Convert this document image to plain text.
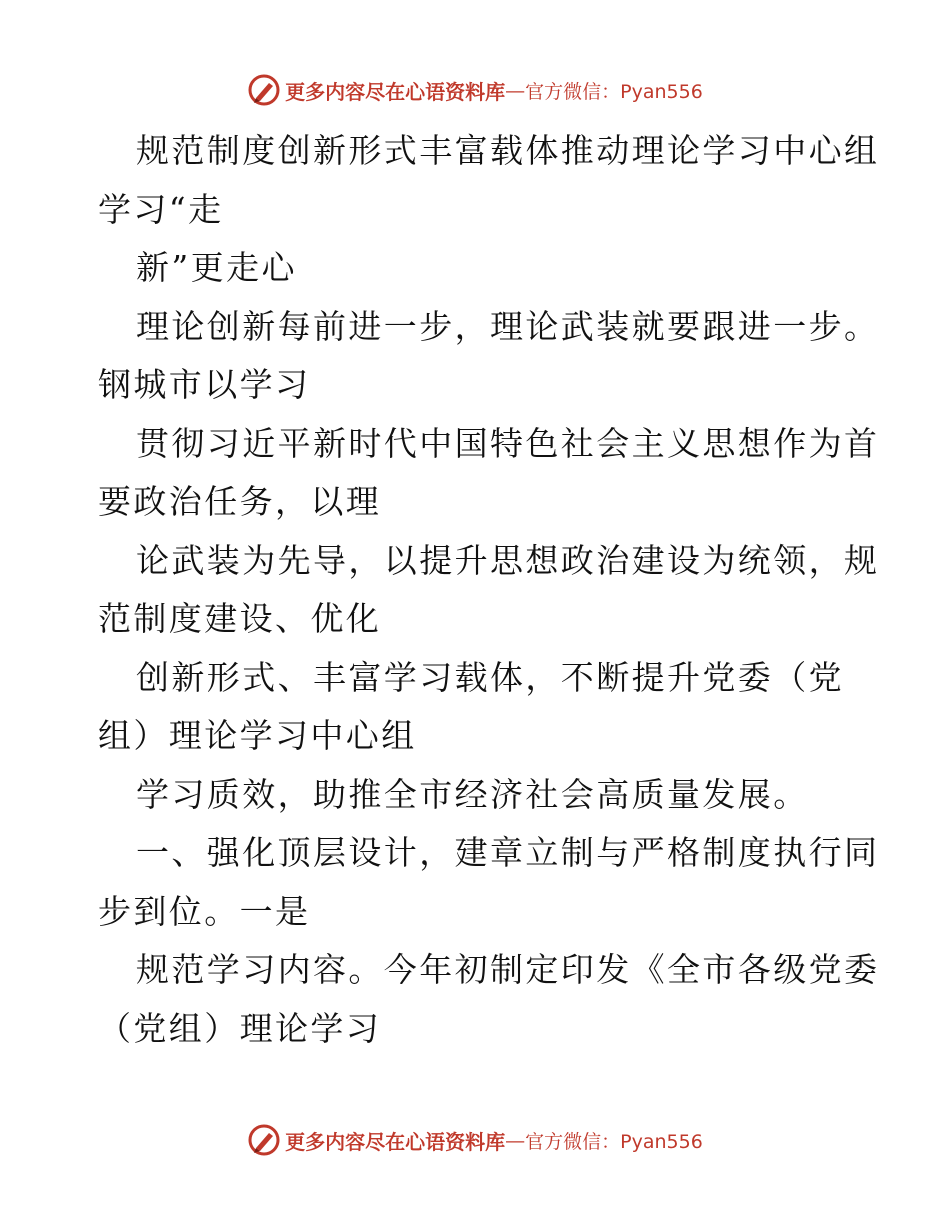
更多内容尽在心语资料库 — 官方微信：Pyan556
规范制度创新形式丰富载体推动理论学习中心组
学习“走
新”更走心
理论创新每前进一步，理论武装就要跟进一步。
钢城市以学习
贯彻习近平新时代中国特色社会主义思想作为首
要政治任务，以理
论武装为先导，以提升思想政治建设为统领，规
范制度建设、优化
创新形式、丰富学习载体，不断提升党委（党
组）理论学习中心组
学习质效，助推全市经济社会高质量发展。
一、强化顶层设计，建章立制与严格制度执行同
步到位。一是
规范学习内容。今年初制定印发《全市各级党委
（党组）理论学习
更多内容尽在心语资料库 — 官方微信：Pyan556
